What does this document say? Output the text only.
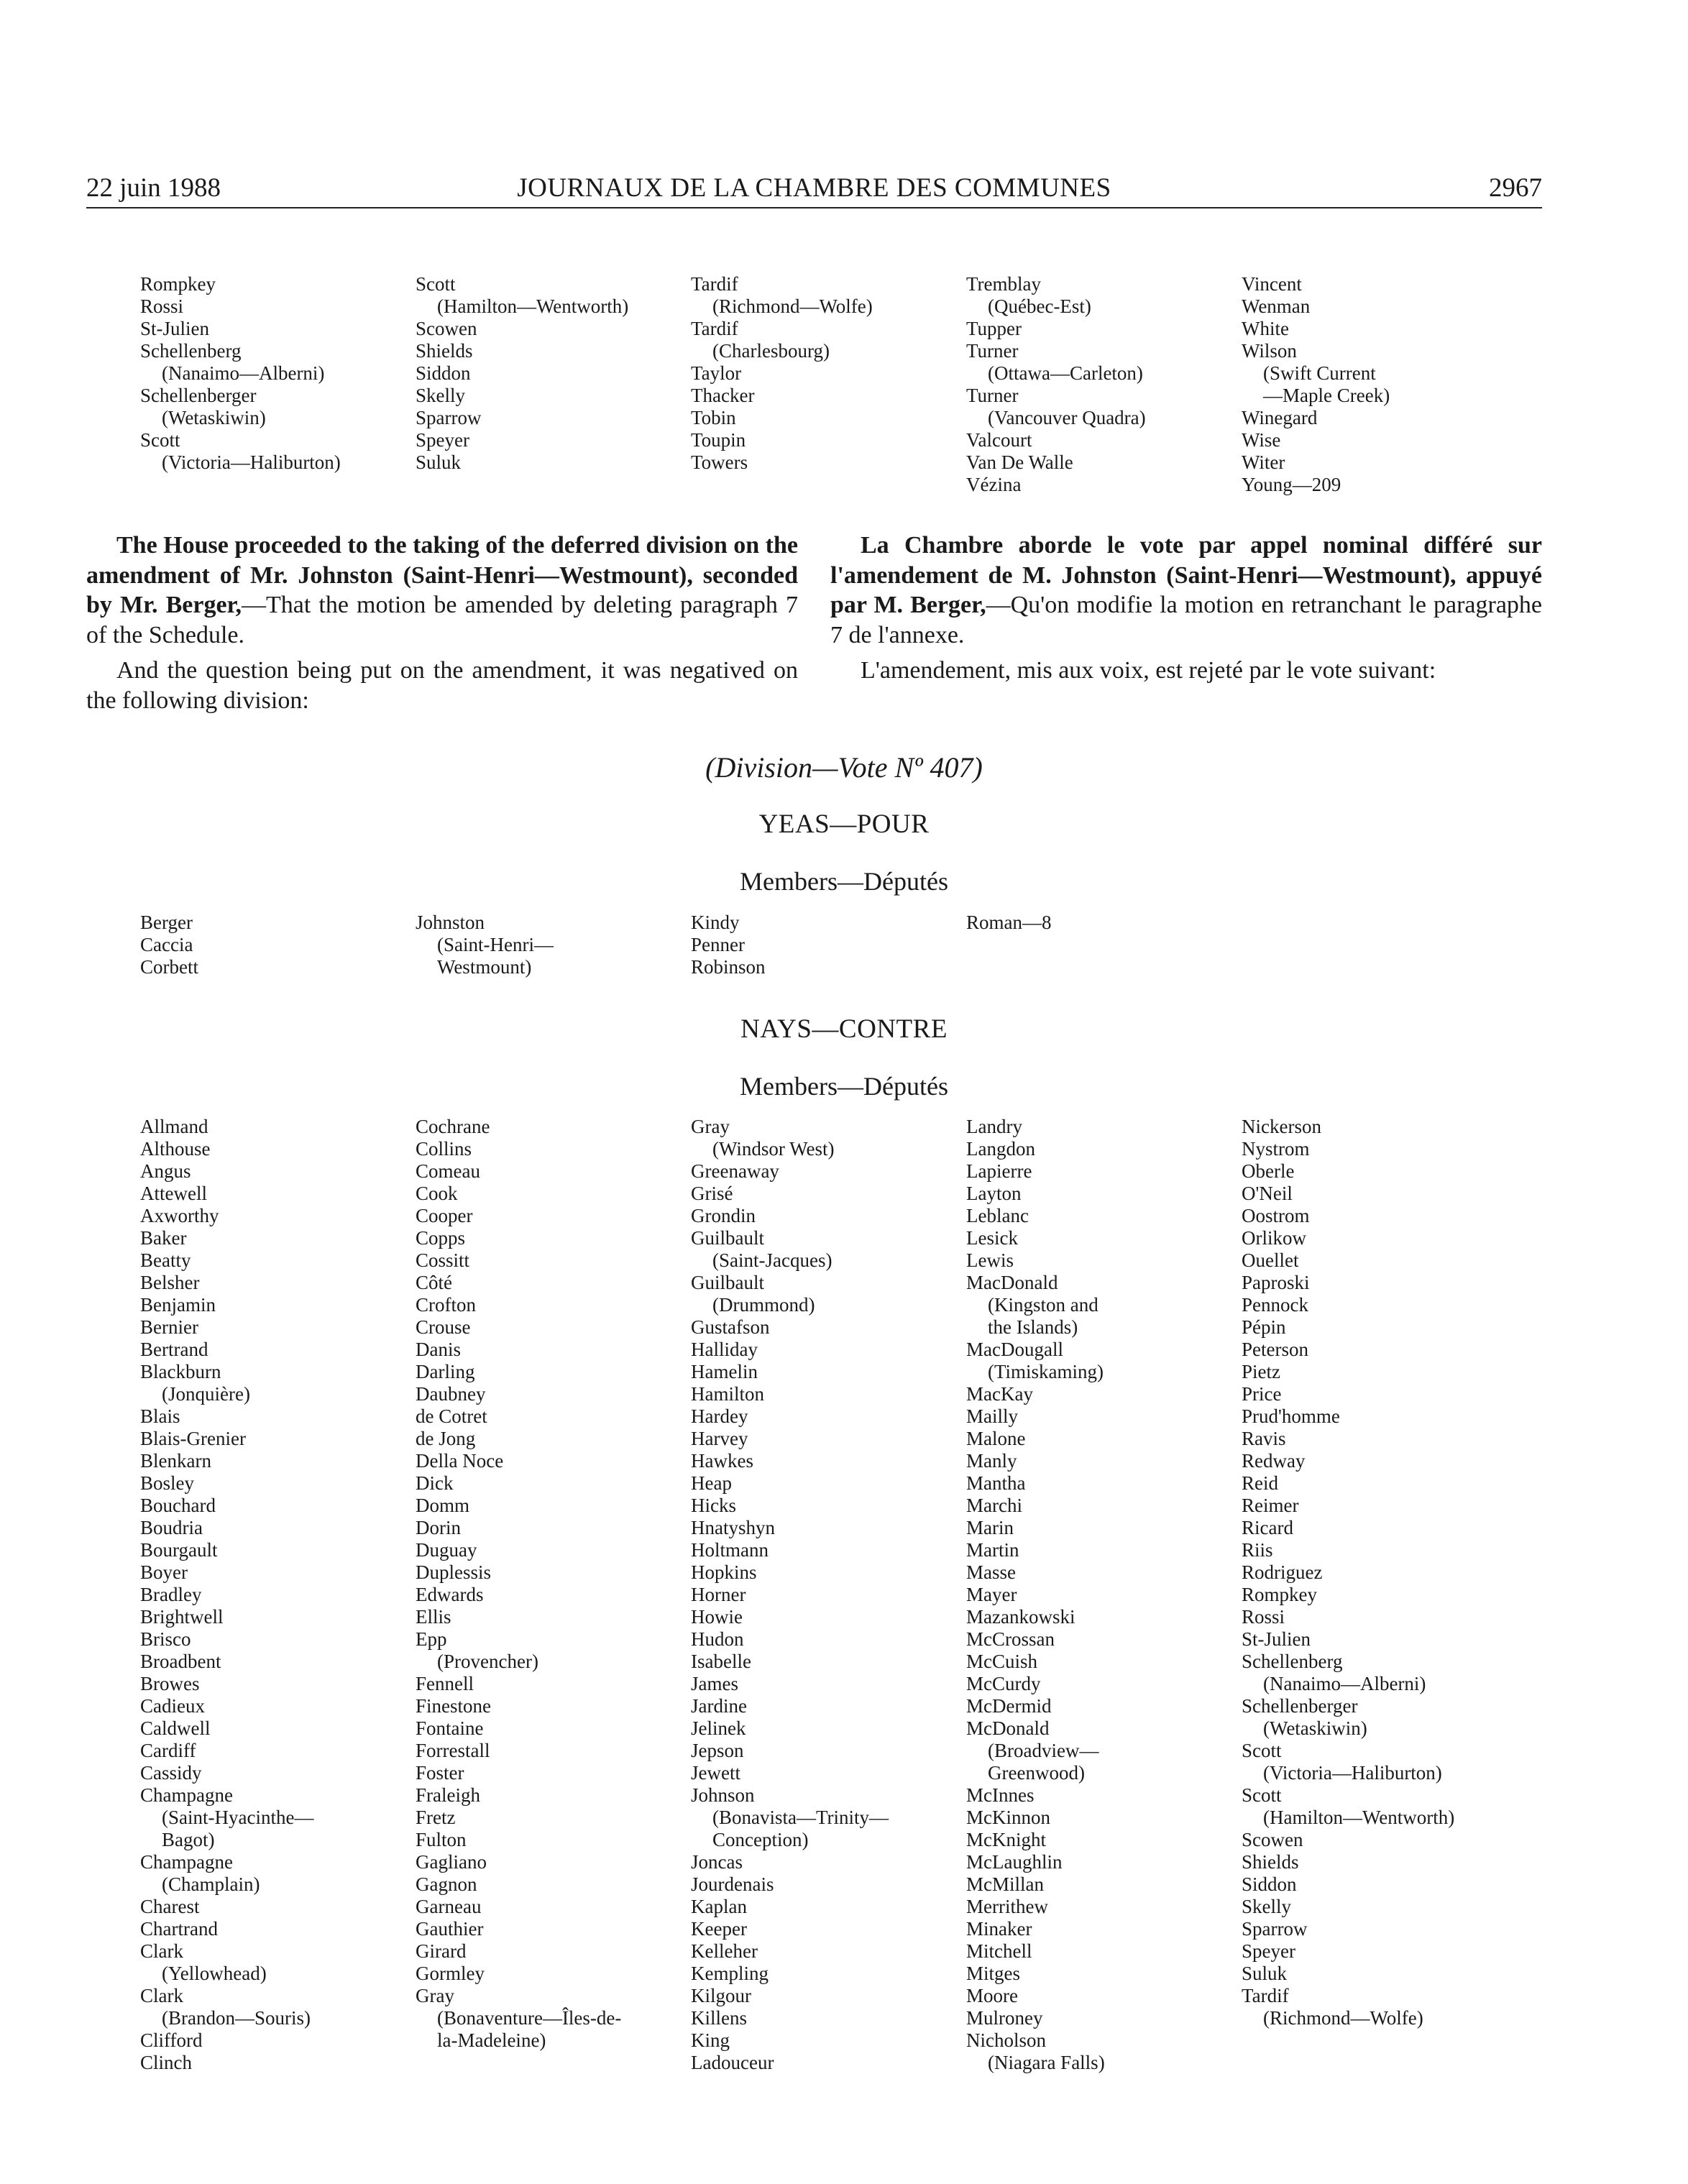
22 juin 1988	JOURNAUX DE LA CHAMBRE DES COMMUNES	2967
Rompkey
Rossi
St-Julien
Schellenberg
(Nanaimo—Alberni)
Schellenberger
(Wetaskiwin)
Scott
(Victoria—Haliburton)
Scott
(Hamilton—Wentworth)
Scowen
Shields
Siddon
Skelly
Sparrow
Speyer
Suluk
Tardif
(Richmond—Wolfe)
Tardif
(Charlesbourg)
Taylor
Thacker
Tobin
Toupin
Towers
Tremblay
(Québec-Est)
Tupper
Turner
(Ottawa—Carleton)
Turner
(Vancouver Quadra)
Valcourt
Van De Walle
Vézina
Vincent
Wenman
White
Wilson
(Swift Current
—Maple Creek)
Winegard
Wise
Witer
Young—209

The House proceeded to the taking of the deferred division on the amendment of Mr. Johnston (Saint-Henri—Westmount), seconded by Mr. Berger,—That the motion be amended by deleting paragraph 7 of the Schedule.

And the question being put on the amendment, it was negatived on the following division:

La Chambre aborde le vote par appel nominal différé sur l'amendement de M. Johnston (Saint-Henri—Westmount), appuyé par M. Berger,—Qu'on modifie la motion en retranchant le paragraphe 7 de l'annexe.

L'amendement, mis aux voix, est rejeté par le vote suivant:

(Division—Vote Nº 407)
YEAS—POUR
Members—Députés
Berger
Caccia
Corbett
Johnston
(Saint-Henri—
Westmount)
Kindy
Penner
Robinson
Roman—8
NAYS—CONTRE
Members—Députés
Allmand
Althouse
Angus
Attewell
Axworthy
Baker
Beatty
Belsher
Benjamin
Bernier
Bertrand
Blackburn
(Jonquière)
Blais
Blais-Grenier
Blenkarn
Bosley
Bouchard
Boudria
Bourgault
Boyer
Bradley
Brightwell
Brisco
Broadbent
Browes
Cadieux
Caldwell
Cardiff
Cassidy
Champagne
(Saint-Hyacinthe—
Bagot)
Champagne
(Champlain)
Charest
Chartrand
Clark
(Yellowhead)
Clark
(Brandon—Souris)
Clifford
Clinch
Cochrane
Collins
Comeau
Cook
Cooper
Copps
Cossitt
Côté
Crofton
Crouse
Danis
Darling
Daubney
de Cotret
de Jong
Della Noce
Dick
Domm
Dorin
Duguay
Duplessis
Edwards
Ellis
Epp
(Provencher)
Fennell
Finestone
Fontaine
Forrestall
Foster
Fraleigh
Fretz
Fulton
Gagliano
Gagnon
Garneau
Gauthier
Girard
Gormley
Gray
(Bonaventure—Îles-de-
la-Madeleine)
Gray
(Windsor West)
Greenaway
Grisé
Grondin
Guilbault
(Saint-Jacques)
Guilbault
(Drummond)
Gustafson
Halliday
Hamelin
Hamilton
Hardey
Harvey
Hawkes
Heap
Hicks
Hnatyshyn
Holtmann
Hopkins
Horner
Howie
Hudon
Isabelle
James
Jardine
Jelinek
Jepson
Jewett
Johnson
(Bonavista—Trinity—
Conception)
Joncas
Jourdenais
Kaplan
Keeper
Kelleher
Kempling
Kilgour
Killens
King
Ladouceur
Landry
Langdon
Lapierre
Layton
Leblanc
Lesick
Lewis
MacDonald
(Kingston and
the Islands)
MacDougall
(Timiskaming)
MacKay
Mailly
Malone
Manly
Mantha
Marchi
Marin
Martin
Masse
Mayer
Mazankowski
McCrossan
McCuish
McCurdy
McDermid
McDonald
(Broadview—
Greenwood)
McInnes
McKinnon
McKnight
McLaughlin
McMillan
Merrithew
Minaker
Mitchell
Mitges
Moore
Mulroney
Nicholson
(Niagara Falls)
Nickerson
Nystrom
Oberle
O'Neil
Oostrom
Orlikow
Ouellet
Paproski
Pennock
Pépin
Peterson
Pietz
Price
Prud'homme
Ravis
Redway
Reid
Reimer
Ricard
Riis
Rodriguez
Rompkey
Rossi
St-Julien
Schellenberg
(Nanaimo—Alberni)
Schellenberger
(Wetaskiwin)
Scott
(Victoria—Haliburton)
Scott
(Hamilton—Wentworth)
Scowen
Shields
Siddon
Skelly
Sparrow
Speyer
Suluk
Tardif
(Richmond—Wolfe)
